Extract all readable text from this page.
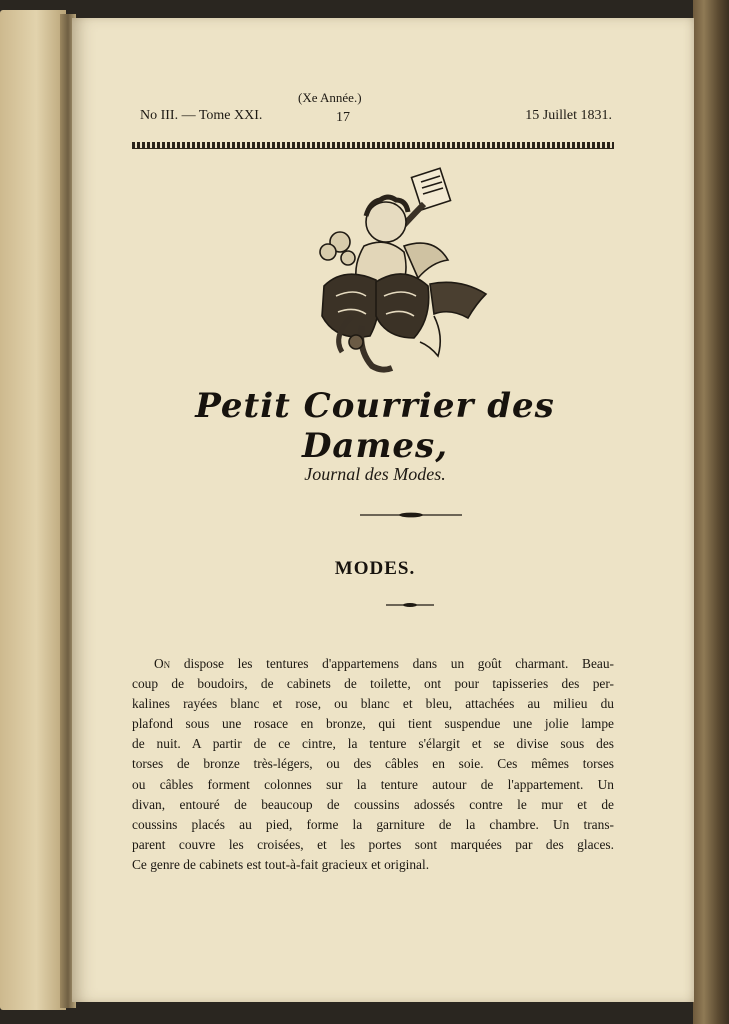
(Xe Année.)
No III. — Tome XXI.	17	15 Juillet 1831.
Petit Courrier des Dames,
Journal des Modes.
MODES.
On dispose les tentures d'appartemens dans un goût charmant. Beau-
coup de boudoirs, de cabinets de toilette, ont pour tapisseries des per-
kalines rayées blanc et rose, ou blanc et bleu, attachées au milieu du
plafond sous une rosace en bronze, qui tient suspendue une jolie lampe
de nuit. A partir de ce cintre, la tenture s'élargit et se divise sous des
torses de bronze très-légers, ou des câbles en soie. Ces mêmes torses
ou câbles forment colonnes sur la tenture autour de l'appartement. Un
divan, entouré de beaucoup de coussins adossés contre le mur et de
coussins placés au pied, forme la garniture de la chambre. Un trans-
parent couvre les croisées, et les portes sont marquées par des glaces.
Ce genre de cabinets est tout-à-fait gracieux et original.
